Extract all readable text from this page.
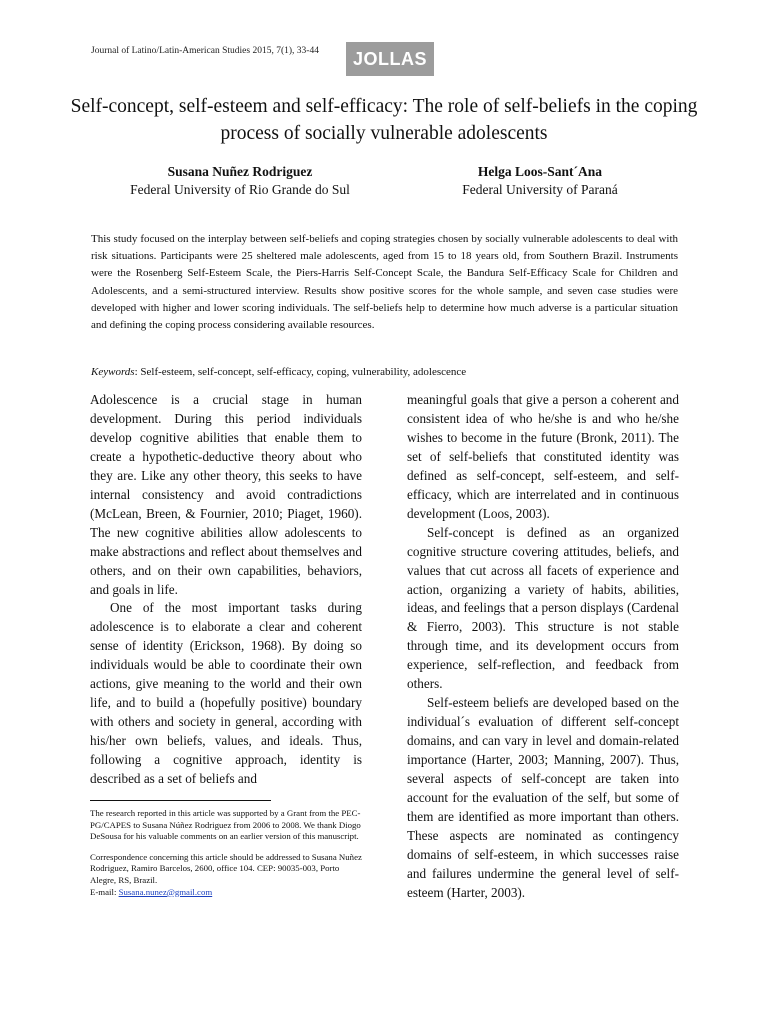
Journal of Latino/Latin-American Studies 2015, 7(1), 33-44	JOLLAS
Self-concept, self-esteem and self-efficacy: The role of self-beliefs in the coping process of socially vulnerable adolescents
Susana Nuñez Rodriguez
Federal University of Rio Grande do Sul
Helga Loos-Sant´Ana
Federal University of Paraná
This study focused on the interplay between self-beliefs and coping strategies chosen by socially vulnerable adolescents to deal with risk situations. Participants were 25 sheltered male adolescents, aged from 15 to 18 years old, from Southern Brazil. Instruments were the Rosenberg Self-Esteem Scale, the Piers-Harris Self-Concept Scale, the Bandura Self-Efficacy Scale for Children and Adolescents, and a semi-structured interview. Results show positive scores for the whole sample, and seven case studies were developed with higher and lower scoring individuals. The self-beliefs help to determine how much adverse is a particular situation and defining the coping process considering available resources.
Keywords: Self-esteem, self-concept, self-efficacy, coping, vulnerability, adolescence

Adolescence is a crucial stage in human development. During this period individuals develop cognitive abilities that enable them to create a hypothetic-deductive theory about who they are. Like any other theory, this seeks to have internal consistency and avoid contradictions (McLean, Breen, & Fournier, 2010; Piaget, 1960). The new cognitive abilities allow adolescents to make abstractions and reflect about themselves and others, and on their own capabilities, behaviors, and goals in life.

One of the most important tasks during adolescence is to elaborate a clear and coherent sense of identity (Erickson, 1968). By doing so individuals would be able to coordinate their own actions, give meaning to the world and their own life, and to build a (hopefully positive) boundary with others and society in general, according with his/her own beliefs, values, and ideals. Thus, following a cognitive approach, identity is described as a set of beliefs and

meaningful goals that give a person a coherent and consistent idea of who he/she is and who he/she wishes to become in the future (Bronk, 2011). The set of self-beliefs that constituted identity was defined as self-concept, self-esteem, and self-efficacy, which are interrelated and in continuous development (Loos, 2003).

Self-concept is defined as an organized cognitive structure covering attitudes, beliefs, and values that cut across all facets of experience and action, organizing a variety of habits, abilities, ideas, and feelings that a person displays (Cardenal & Fierro, 2003). This structure is not stable through time, and its development occurs from experience, self-reflection, and feedback from others.

Self-esteem beliefs are developed based on the individual´s evaluation of different self-concept domains, and can vary in level and domain-related importance (Harter, 2003; Manning, 2007). Thus, several aspects of self-concept are taken into account for the evaluation of the self, but some of them are identified as more important than others. These aspects are nominated as contingency domains of self-esteem, in which successes raise and failures undermine the general level of self-esteem (Harter, 2003).

The research reported in this article was supported by a Grant from the PEC-PG/CAPES to Susana Núñez Rodriguez from 2006 to 2008. We thank Diogo DeSousa for his valuable comments on an earlier version of this manuscript.

Correspondence concerning this article should be addressed to Susana Nuñez Rodriguez, Ramiro Barcelos, 2600, office 104. CEP: 90035-003, Porto Alegre, RS, Brazil.
E-mail: Susana.nunez@gmail.com
